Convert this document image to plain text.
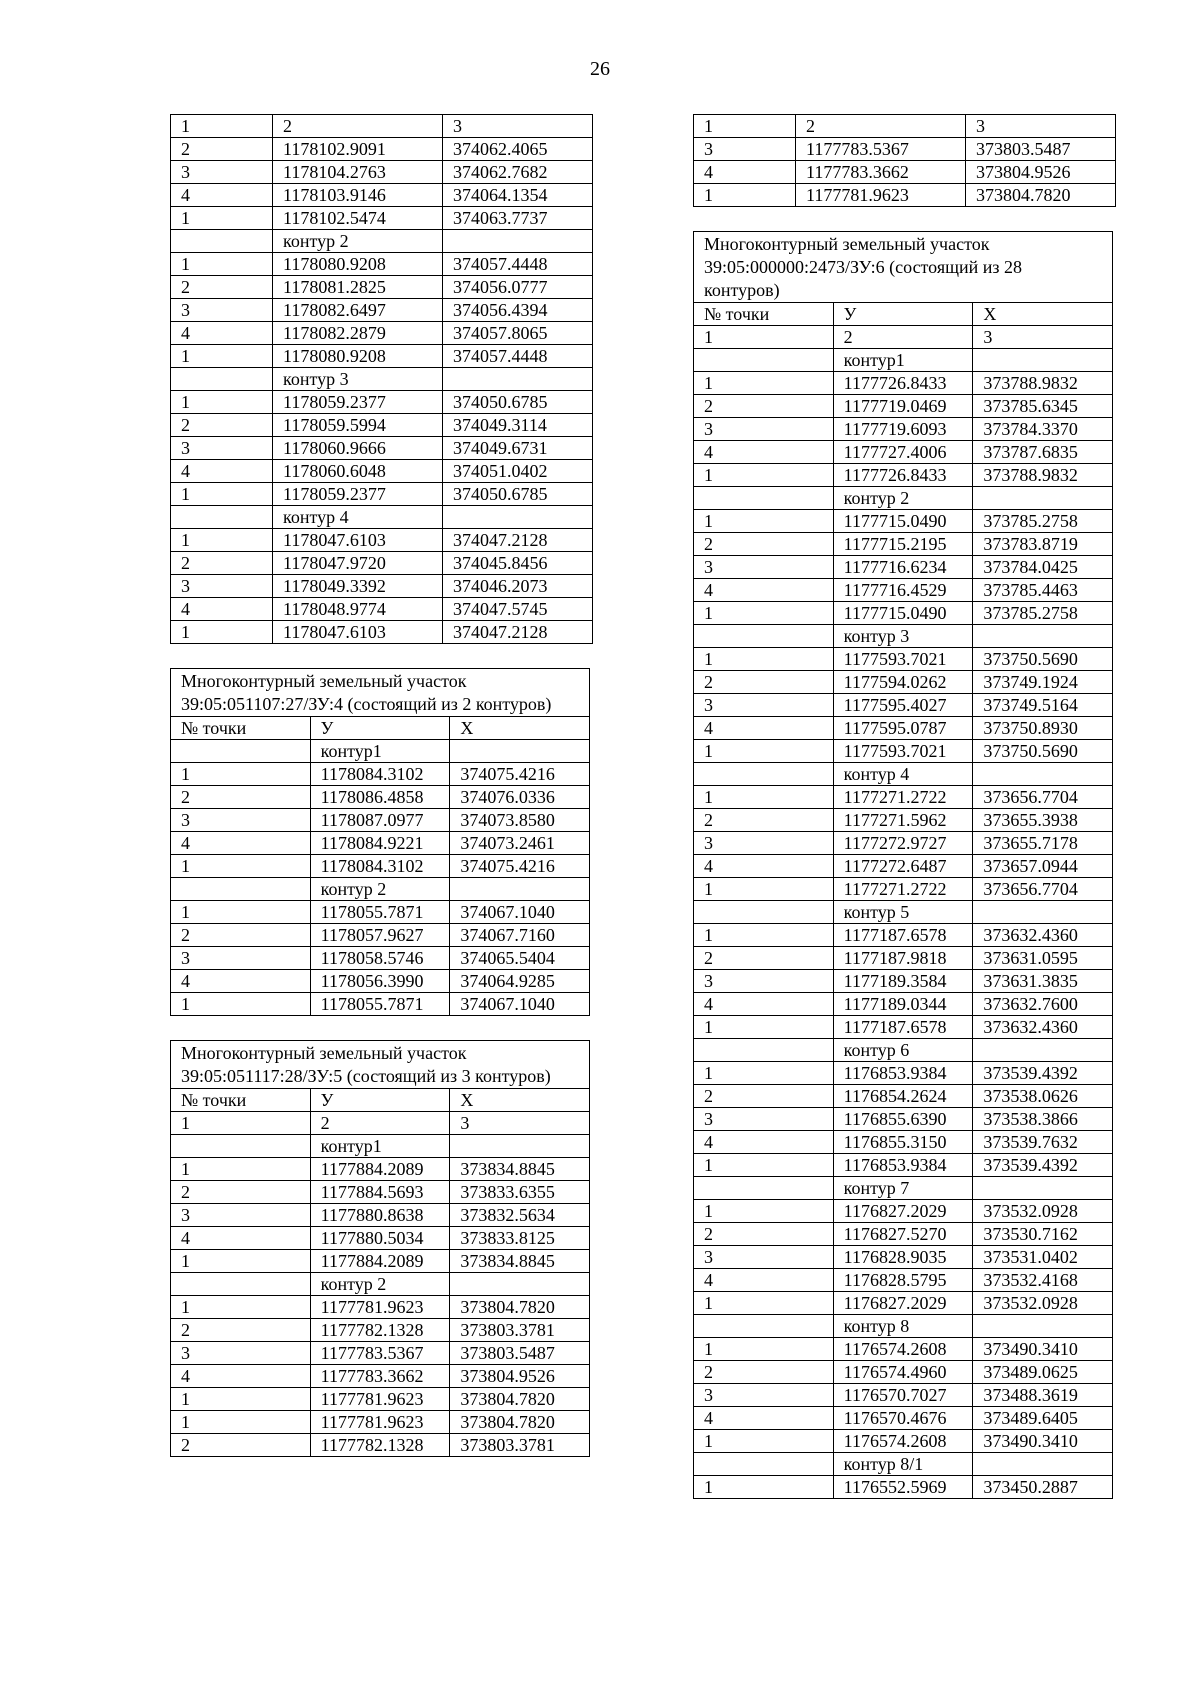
26
1	2	3
2	1178102.9091	374062.4065
3	1178104.2763	374062.7682
4	1178103.9146	374064.1354
1	1178102.5474	374063.7737
	контур 2	
1	1178080.9208	374057.4448
2	1178081.2825	374056.0777
3	1178082.6497	374056.4394
4	1178082.2879	374057.8065
1	1178080.9208	374057.4448
	контур 3	
1	1178059.2377	374050.6785
2	1178059.5994	374049.3114
3	1178060.9666	374049.6731
4	1178060.6048	374051.0402
1	1178059.2377	374050.6785
	контур 4	
1	1178047.6103	374047.2128
2	1178047.9720	374045.8456
3	1178049.3392	374046.2073
4	1178048.9774	374047.5745
1	1178047.6103	374047.2128
Многоконтурный земельный участок 39:05:051107:27/ЗУ:4 (состоящий из 2 контуров)		
№ точки	У	Х
	контур1	
1	1178084.3102	374075.4216
2	1178086.4858	374076.0336
3	1178087.0977	374073.8580
4	1178084.9221	374073.2461
1	1178084.3102	374075.4216
	контур 2	
1	1178055.7871	374067.1040
2	1178057.9627	374067.7160
3	1178058.5746	374065.5404
4	1178056.3990	374064.9285
1	1178055.7871	374067.1040
Многоконтурный земельный участок 39:05:051117:28/ЗУ:5 (состоящий из 3 контуров)		
№ точки	У	Х
1	2	3
	контур1	
1	1177884.2089	373834.8845
2	1177884.5693	373833.6355
3	1177880.8638	373832.5634
4	1177880.5034	373833.8125
1	1177884.2089	373834.8845
	контур 2	
1	1177781.9623	373804.7820
2	1177782.1328	373803.3781
3	1177783.5367	373803.5487
4	1177783.3662	373804.9526
1	1177781.9623	373804.7820
1	1177781.9623	373804.7820
2	1177782.1328	373803.3781
1	2	3
3	1177783.5367	373803.5487
4	1177783.3662	373804.9526
1	1177781.9623	373804.7820
Многоконтурный земельный участок 39:05:000000:2473/ЗУ:6 (состоящий из 28 контуров)		
№ точки	У	Х
1	2	3
	контур1	
1	1177726.8433	373788.9832
2	1177719.0469	373785.6345
3	1177719.6093	373784.3370
4	1177727.4006	373787.6835
1	1177726.8433	373788.9832
	контур 2	
1	1177715.0490	373785.2758
2	1177715.2195	373783.8719
3	1177716.6234	373784.0425
4	1177716.4529	373785.4463
1	1177715.0490	373785.2758
	контур 3	
1	1177593.7021	373750.5690
2	1177594.0262	373749.1924
3	1177595.4027	373749.5164
4	1177595.0787	373750.8930
1	1177593.7021	373750.5690
	контур 4	
1	1177271.2722	373656.7704
2	1177271.5962	373655.3938
3	1177272.9727	373655.7178
4	1177272.6487	373657.0944
1	1177271.2722	373656.7704
	контур 5	
1	1177187.6578	373632.4360
2	1177187.9818	373631.0595
3	1177189.3584	373631.3835
4	1177189.0344	373632.7600
1	1177187.6578	373632.4360
	контур 6	
1	1176853.9384	373539.4392
2	1176854.2624	373538.0626
3	1176855.6390	373538.3866
4	1176855.3150	373539.7632
1	1176853.9384	373539.4392
	контур 7	
1	1176827.2029	373532.0928
2	1176827.5270	373530.7162
3	1176828.9035	373531.0402
4	1176828.5795	373532.4168
1	1176827.2029	373532.0928
	контур 8	
1	1176574.2608	373490.3410
2	1176574.4960	373489.0625
3	1176570.7027	373488.3619
4	1176570.4676	373489.6405
1	1176574.2608	373490.3410
	контур 8/1	
1	1176552.5969	373450.2887
